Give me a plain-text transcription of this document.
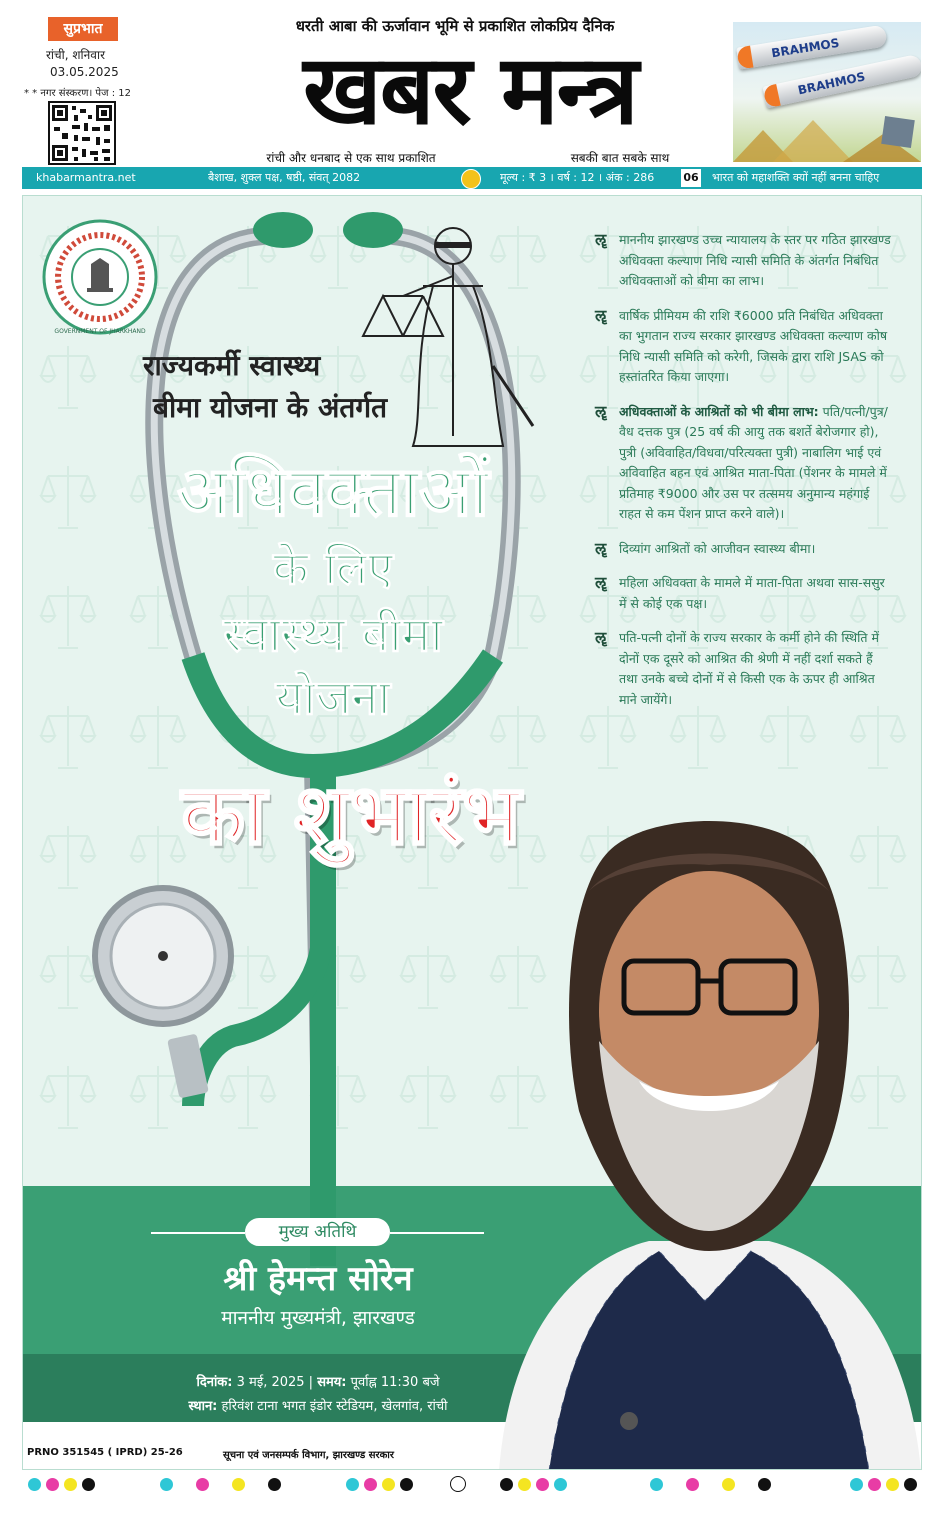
सुप्रभात
रांची, शनिवार
03.05.2025
* * नगर संस्करण। पेज : 12
धरती आबा की ऊर्जावान भूमि से प्रकाशित लोकप्रिय दैनिक
खबर मन्त्र
रांची और धनबाद से एक साथ प्रकाशित	सबकी बात सबके साथ
BRAHMOS
BRAHMOS
khabarmantra.net	बैशाख, शुक्ल पक्ष, षष्ठी, संवत् 2082	मूल्य : ₹ 3 । वर्ष : 12 । अंक : 286	06 भारत को महाशक्ति क्यों नहीं बनना चाहिए
GOVERNMENT OF JHARKHAND
राज्यकर्मी स्वास्थ्य
बीमा योजना के अंतर्गत
अधिवक्ताओं
के लिए
स्वास्थ्य बीमा
योजना
का शुभारंभ
ॡ	माननीय झारखण्ड उच्च न्यायालय के स्तर पर गठित झारखण्ड अधिवक्ता कल्याण निधि न्यासी समिति के अंतर्गत निबंधित अधिवक्ताओं को बीमा का लाभ।
ॡ	वार्षिक प्रीमियम की राशि ₹6000 प्रति निबंधित अधिवक्ता का भुगतान राज्य सरकार झारखण्ड अधिवक्ता कल्याण कोष निधि न्यासी समिति को करेगी, जिसके द्वारा राशि JSAS को हस्तांतरित किया जाएगा।
ॡ	अधिवक्ताओं के आश्रितों को भी बीमा लाभ: पति/पत्नी/पुत्र/वैध दत्तक पुत्र (25 वर्ष की आयु तक बशर्ते बेरोजगार हो), पुत्री (अविवाहित/विधवा/परित्यक्ता पुत्री) नाबालिग भाई एवं अविवाहित बहन एवं आश्रित माता-पिता (पेंशनर के मामले में प्रतिमाह ₹9000 और उस पर तत्समय अनुमान्य महंगाई राहत से कम पेंशन प्राप्त करने वाले)।
ॡ	दिव्यांग आश्रितों को आजीवन स्वास्थ्य बीमा।
ॡ	महिला अधिवक्ता के मामले में माता-पिता अथवा सास-ससुर में से कोई एक पक्ष।
ॡ	पति-पत्नी दोनों के राज्य सरकार के कर्मी होने की स्थिति में दोनों एक दूसरे को आश्रित की श्रेणी में नहीं दर्शा सकते हैं तथा उनके बच्चे दोनों में से किसी एक के ऊपर ही आश्रित माने जायेंगे।
मुख्य अतिथि
श्री हेमन्त सोरेन
माननीय मुख्यमंत्री, झारखण्ड
दिनांक: 3 मई, 2025 | समय: पूर्वाह्न 11:30 बजे
स्थान: हरिवंश टाना भगत इंडोर स्टेडियम, खेलगांव, रांची
PRNO 351545 ( IPRD) 25-26	सूचना एवं जनसम्पर्क विभाग, झारखण्ड सरकार
